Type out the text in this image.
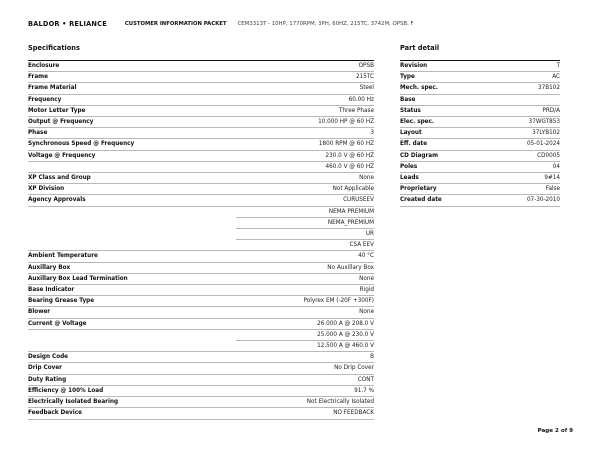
BALDOR • RELIANCE	CUSTOMER INFORMATION PACKET CEM3313T - 10HP, 1770RPM, 3PH, 60HZ, 215TC, 3742M, OPSB, F
Specifications	Part detail
Enclosure	OPSB
Frame	215TC
Frame Material	Steel
Frequency	60.00 Hz
Motor Letter Type	Three Phase
Output @ Frequency	10.000 HP @ 60 HZ
Phase	3
Synchronous Speed @ Frequency	1800 RPM @ 60 HZ
Voltage @ Frequency	230.0 V @ 60 HZ
	460.0 V @ 60 HZ
XP Class and Group	None
XP Division	Not Applicable
Agency Approvals	CURUSEEV
	NEMA PREMIUM
	NEMA_PREMIUM
	UR
	CSA EEV
Ambient Temperature	40 °C
Auxillary Box	No Auxillary Box
Auxillary Box Lead Termination	None
Base Indicator	Rigid
Bearing Grease Type	Polyrex EM (-20F +300F)
Blower	None
Current @ Voltage	26.000 A @ 208.0 V
	25.000 A @ 230.0 V
	12.500 A @ 460.0 V
Design Code	B
Drip Cover	No Drip Cover
Duty Rating	CONT
Efficiency @ 100% Load	91.7 %
Electrically Isolated Bearing	Not Electrically Isolated
Feedback Device	NO FEEDBACK
Revision	T
Type	AC
Mech. spec.	37B102
Base	
Status	PRD/A
Elec. spec.	37WGT853
Layout	37LYB102
Eff. date	05-01-2024
CD Diagram	CD0005
Poles	04
Leads	9#14
Proprietary	False
Created date	07-30-2010
Page 2 of 9
